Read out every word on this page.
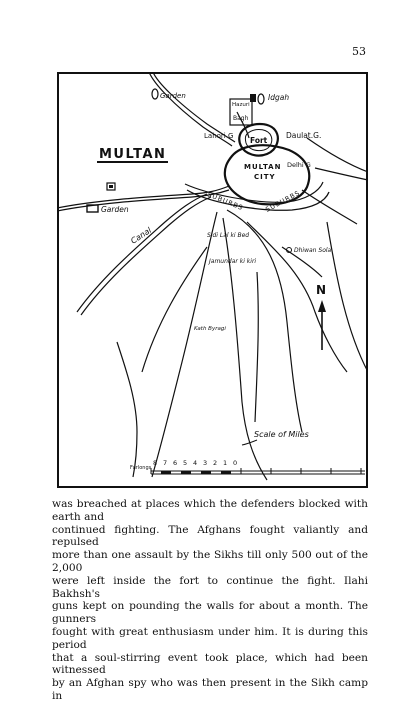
53
MULTAN
Garden	Idgah
Hazuri
Bagh
Lahori G Fort
Daulat.G.
MULTAN
CITY
Delhi G
SUBURBS	SUBURBS
Garden
Canal	Sidi Lal ki Bed
Jamundar ki kiri
Dhiwan Sola
Kath Byragi
N
Scale of Miles
Furlongs
8 7 6 5 4 3 2 1 0

was breached at places which the defenders blocked with earth and

continued fighting. The Afghans fought valiantly and repulsed

more than one assault by the Sikhs till only 500 out of the 2,000

were left inside the fort to continue the fight. Ilahi Bakhsh's

guns kept on pounding the walls for about a month. The gunners

fought with great enthusiasm under him. It is during this period

that a soul-stirring event took place, which had been witnessed

by an Afghan spy who was then present in the Sikh camp in
